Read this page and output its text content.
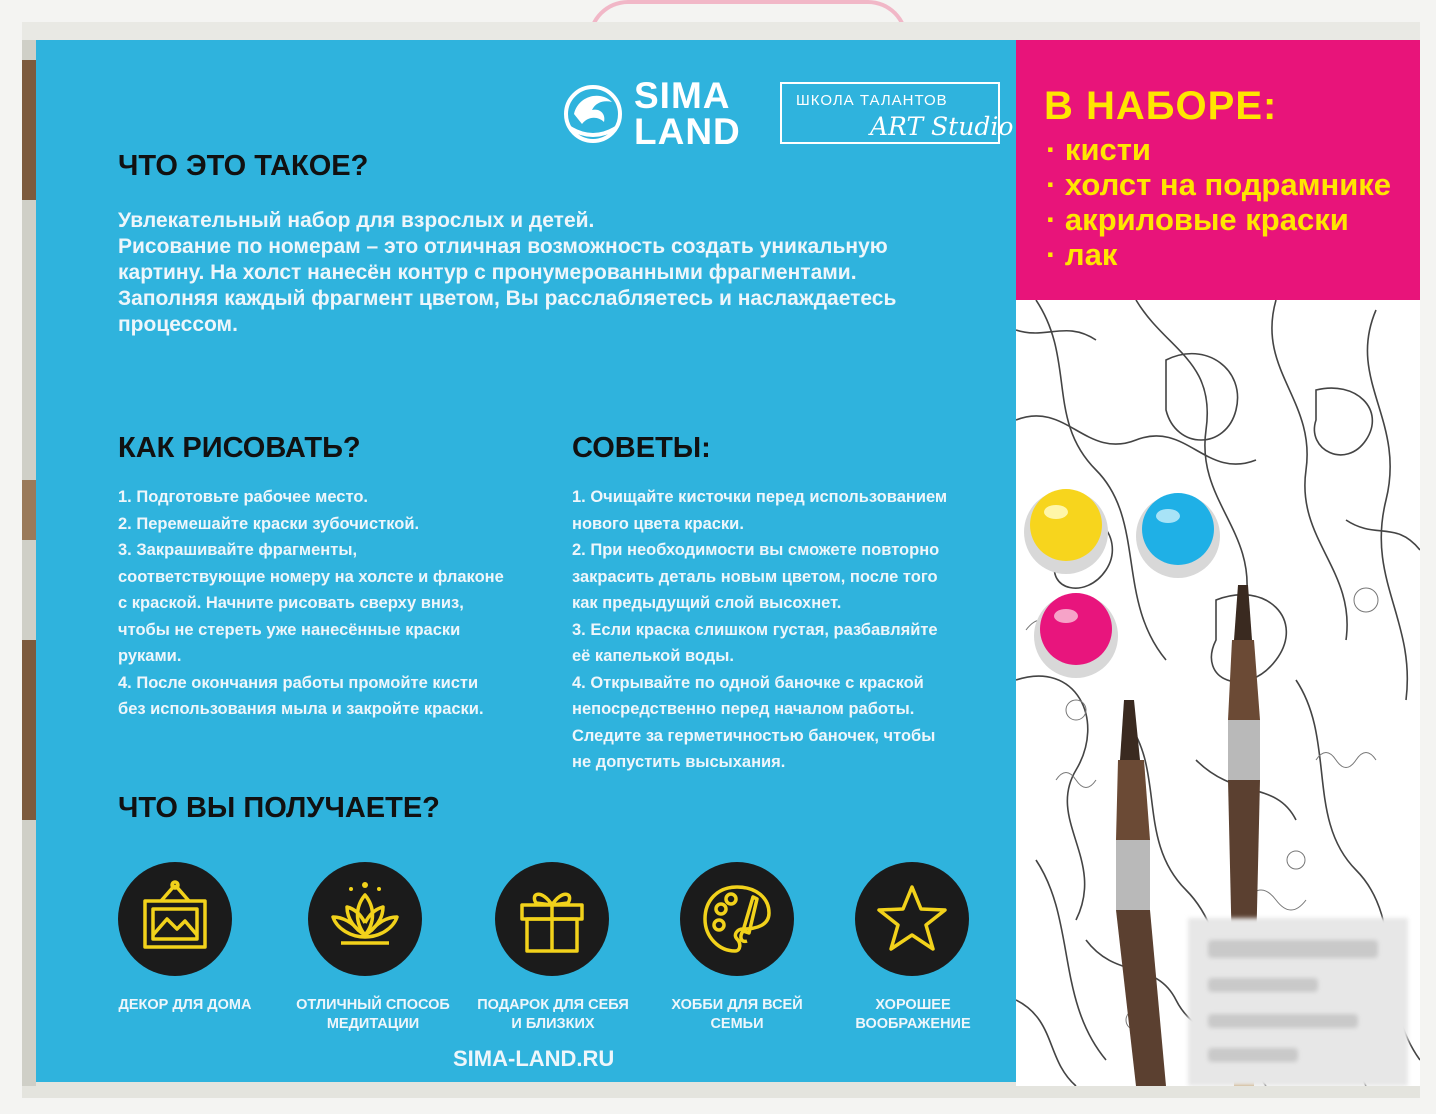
SIMA
LAND
ШКОЛА ТАЛАНТОВ
ART Studio
ЧТО ЭТО ТАКОЕ?
Увлекательный набор для взрослых и детей.
Рисование по номерам – это отличная возможность создать уникальную
картину. На холст нанесён контур с пронумерованными фрагментами.
Заполняя каждый фрагмент цветом, Вы расслабляетесь и наслаждаетесь
процессом.
КАК РИСОВАТЬ?
1. Подготовьте рабочее место.
2. Перемешайте краски зубочисткой.
3. Закрашивайте фрагменты,
соответствующие номеру на холсте и флаконе
с краской. Начните рисовать сверху вниз,
чтобы не стереть уже нанесённые краски
руками.
4. После окончания работы промойте кисти
без использования мыла и закройте краски.
СОВЕТЫ:
1. Очищайте кисточки перед использованием
нового цвета краски.
2. При необходимости вы сможете повторно
закрасить деталь новым цветом, после того
как предыдущий слой высохнет.
3. Если краска слишком густая, разбавляйте
её капелькой воды.
4. Открывайте по одной баночке с краской
непосредственно перед началом работы.
Следите за герметичностью баночек, чтобы
не допустить высыхания.
ЧТО ВЫ ПОЛУЧАЕТЕ?
ДЕКОР ДЛЯ ДОМА	ОТЛИЧНЫЙ СПОСОБ
МЕДИТАЦИИ
ПОДАРОК ДЛЯ СЕБЯ
И БЛИЗКИХ
ХОББИ ДЛЯ ВСЕЙ
СЕМЬИ
ХОРОШЕЕ
ВООБРАЖЕНИЕ
SIMA-LAND.RU
В НАБОРЕ:
· кисти
· холст на подрамнике
· акриловые краски
· лак
